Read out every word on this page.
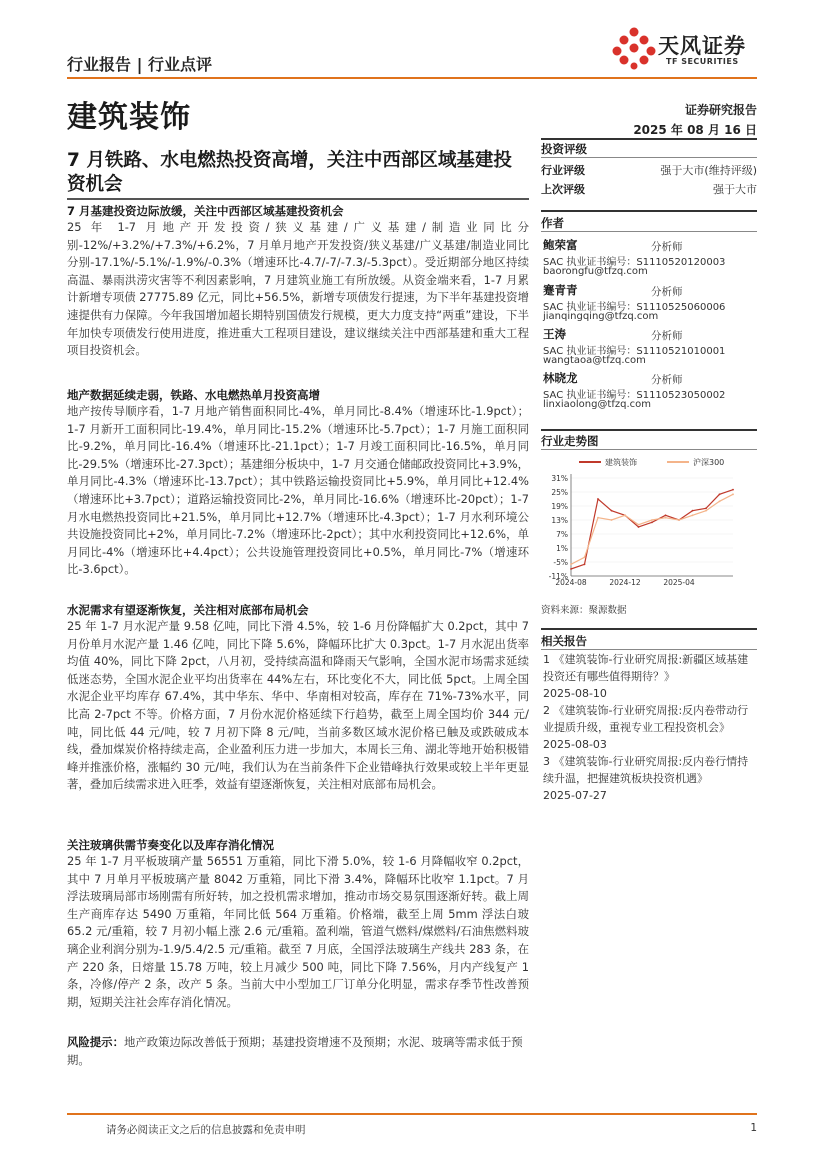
行业报告 | 行业点评
天风证券
TF SECURITIES
建筑装饰	证券研究报告
2025 年 08 月 16 日
7 月铁路、水电燃热投资高增，关注中西部区域基建投资机会
7 月基建投资边际放缓，关注中西部区域基建投资机会
25 年 1-7 月地产开发投资/狭义基建/广义基建/制造业同比分别-12%/+3.2%/+7.3%/+6.2%，7 月单月地产开发投资/狭义基建/广义基建/制造业同比分别-17.1%/-5.1%/-1.9%/-0.3%（增速环比-4.7/-7/-7.3/-5.3pct）。受近期部分地区持续高温、暴雨洪涝灾害等不利因素影响，7 月建筑业施工有所放缓。从资金端来看，1-7 月累计新增专项债 27775.89 亿元，同比+56.5%，新增专项债发行提速，为下半年基建投资增速提供有力保障。今年我国增加超长期特别国债发行规模，更大力度支持“两重”建设，下半年加快专项债发行使用进度，推进重大工程项目建设，建议继续关注中西部基建和重大工程项目投资机会。
地产数据延续走弱，铁路、水电燃热单月投资高增
地产按传导顺序看，1-7 月地产销售面积同比-4%，单月同比-8.4%（增速环比-1.9pct）；1-7 月新开工面积同比-19.4%，单月同比-15.2%（增速环比-5.7pct）；1-7 月施工面积同比-9.2%，单月同比-16.4%（增速环比-21.1pct）；1-7 月竣工面积同比-16.5%，单月同比-29.5%（增速环比-27.3pct）；基建细分板块中，1-7 月交通仓储邮政投资同比+3.9%，单月同比-4.3%（增速环比-13.7pct）；其中铁路运输投资同比+5.9%，单月同比+12.4%（增速环比+3.7pct）；道路运输投资同比-2%，单月同比-16.6%（增速环比-20pct）；1-7 月水电燃热投资同比+21.5%，单月同比+12.7%（增速环比-4.3pct）；1-7 月水利环境公共设施投资同比+2%，单月同比-7.2%（增速环比-2pct）；其中水利投资同比+12.6%，单月同比-4%（增速环比+4.4pct）；公共设施管理投资同比+0.5%，单月同比-7%（增速环比-3.6pct）。
水泥需求有望逐渐恢复，关注相对底部布局机会
25 年 1-7 月水泥产量 9.58 亿吨，同比下滑 4.5%，较 1-6 月份降幅扩大 0.2pct，其中 7 月份单月水泥产量 1.46 亿吨，同比下降 5.6%，降幅环比扩大 0.3pct。1-7 月水泥出货率均值 40%，同比下降 2pct，八月初，受持续高温和降雨天气影响，全国水泥市场需求延续低迷态势，全国水泥企业平均出货率在 44%左右，环比变化不大，同比低 5pct。上周全国水泥企业平均库存 67.4%，其中华东、华中、华南相对较高，库存在 71%-73%水平，同比高 2-7pct 不等。价格方面，7 月份水泥价格延续下行趋势，截至上周全国均价 344 元/吨，同比低 44 元/吨，较 7 月初下降 8 元/吨，当前多数区域水泥价格已触及或跌破成本线，叠加煤炭价格持续走高，企业盈利压力进一步加大，本周长三角、湖北等地开始积极错峰并推涨价格，涨幅约 30 元/吨，我们认为在当前条件下企业错峰执行效果或较上半年更显著，叠加后续需求进入旺季，效益有望逐渐恢复，关注相对底部布局机会。
关注玻璃供需节奏变化以及库存消化情况
25 年 1-7 月平板玻璃产量 56551 万重箱，同比下滑 5.0%，较 1-6 月降幅收窄 0.2pct，其中 7 月单月平板玻璃产量 8042 万重箱，同比下滑 3.4%，降幅环比收窄 1.1pct。7 月浮法玻璃局部市场刚需有所好转，加之投机需求增加，推动市场交易氛围逐渐好转。截上周生产商库存达 5490 万重箱，年同比低 564 万重箱。价格端，截至上周 5mm 浮法白玻 65.2 元/重箱，较 7 月初小幅上涨 2.6 元/重箱。盈利端，管道气燃料/煤燃料/石油焦燃料玻璃企业利润分别为-1.9/5.4/2.5 元/重箱。截至 7 月底，全国浮法玻璃生产线共 283 条，在产 220 条，日熔量 15.78 万吨，较上月减少 500 吨，同比下降 7.56%，月内产线复产 1 条，冷修/停产 2 条，改产 5 条。当前大中小型加工厂订单分化明显，需求存季节性改善预期，短期关注社会库存消化情况。
风险提示：地产政策边际改善低于预期；基建投资增速不及预期；水泥、玻璃等需求低于预期。
投资评级
行业评级	强于大市(维持评级)
上次评级	强于大市
作者
鲍荣富	分析师
SAC 执业证书编号：S1110520120003
baorongfu@tfzq.com
蹇青青	分析师
SAC 执业证书编号：S1110525060006
jianqingqing@tfzq.com
王涛	分析师
SAC 执业证书编号：S1110521010001
wangtaoa@tfzq.com
林晓龙	分析师
SAC 执业证书编号：S1110523050002
linxiaolong@tfzq.com
行业走势图
31%
25%
19%
13%
7%
1%
-5%
-11%
2024-08	2024-12	2025-04
建筑装饰	沪深300
资料来源：聚源数据
相关报告
1 《建筑装饰-行业研究周报:新疆区域基建投资还有哪些值得期待？》
2025-08-10
2 《建筑装饰-行业研究周报:反内卷带动行业提质升级，重视专业工程投资机会》
2025-08-03
3 《建筑装饰-行业研究周报:反内卷行情持续升温，把握建筑板块投资机遇》
2025-07-27
请务必阅读正文之后的信息披露和免责申明	1
